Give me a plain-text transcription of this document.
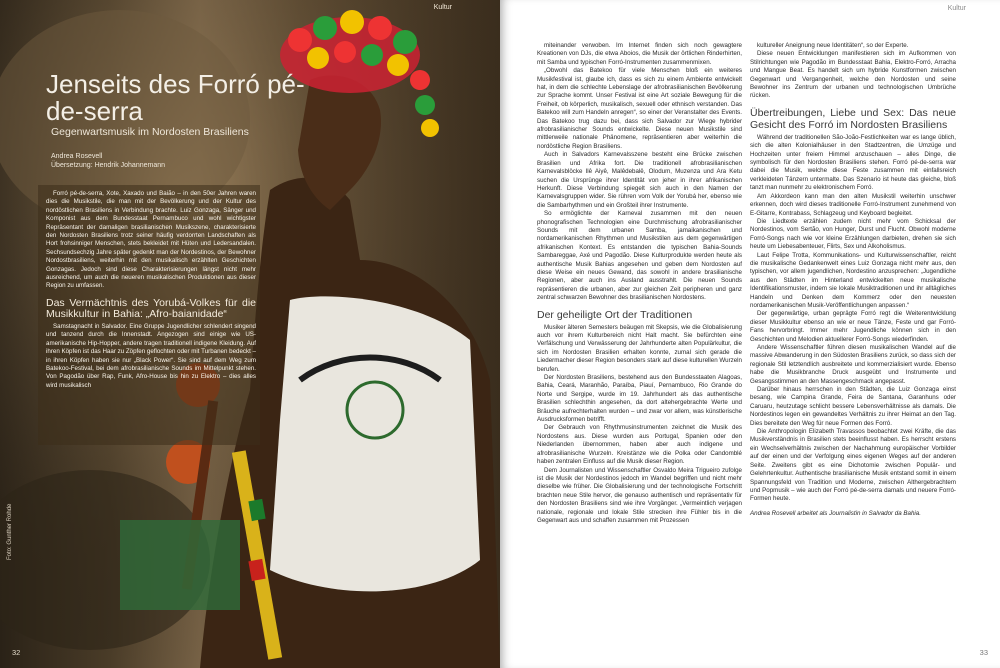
Kultur
Jenseits des Forró pé-de-serra
Gegenwartsmusik im Nordosten Brasiliens
Andrea Rosevell
Übersetzung: Hendrik Johannemann

Forró pé-de-serra, Xote, Xaxado und Baião – in den 50er Jahren waren dies die Musikstile, die man mit der Bevölkerung und der Kultur des nordöstlichen Brasiliens in Verbindung brachte. Luiz Gonzaga, Sänger und Komponist aus dem Bundesstaat Pernambuco und wohl wichtigster Repräsentant der damaligen brasilianischen Musikszene, charakterisierte den Nordosten Brasiliens trotz seiner häufig verdorrten Landschaften als Hort frohsinniger Menschen, stets bekleidet mit Hüten und Ledersandalen. Sechsundsechzig Jahre später gedenkt man der Nordestinos, der Bewohner Nordostbrasiliens, weiterhin mit den musikalisch erzählten Geschichten Gonzagas. Jedoch sind diese Charakterisierungen längst nicht mehr ausreichend, um auch die neueren musikalischen Produktionen aus dieser Region zu umfassen.

Das Vermächtnis des Yorubá-Volkes für die Musikkultur in Bahia: „Afro-baianidade“

Samstagnacht in Salvador. Eine Gruppe Jugendlicher schlendert singend und tanzend durch die Innenstadt. Angezogen sind einige wie US-amerikanische Hip-Hopper, andere tragen traditionell indigene Kleidung. Auf ihren Köpfen ist das Haar zu Zöpfen geflochten oder mit Turbanen bedeckt – in ihren Köpfen haben sie nur „Black Power“. Sie sind auf dem Weg zum Batekoo-Festival, bei dem afrobrasilianische Sounds im Mittelpunkt stehen. Von Pagodão über Rap, Funk, Afro-House bis hin zu Elektro – dies alles wird musikalisch

Foto: Gunther Rohde
32
Kultur

miteinander verwoben. Im Internet finden sich noch gewagtere Kreationen von DJs, die etwa Aboios, die Musik der örtlichen Rinderhirten, mit Samba und typischen Forró-Instrumenten zusammenmixen.

„Obwohl das Batekoo für viele Menschen bloß ein weiteres Musikfestival ist, glaube ich, dass es sich zu einem Ambiente entwickelt hat, in dem die schlechte Lebenslage der afrobrasilianischen Bevölkerung zur Sprache kommt. Unser Festival ist eine Art soziale Bewegung für die Freiheit, ob körperlich, musikalisch, sexuell oder ethnisch verstanden. Das Batekoo will zum Handeln anregen“, so einer der Veranstalter des Events. Das Batekoo trug dazu bei, dass sich Salvador zur Wiege hybrider afrobrasilianischer Sounds entwickelte. Diese neuen Musikstile sind mittlerweile nationale Phänomene, repräsentieren aber weiterhin die nordöstliche Region Brasiliens.

Auch in Salvadors Karnevalsszene besteht eine Brücke zwischen Brasilien und Afrika fort. Die traditionell afrobrasilianischen Karnevalsblöcke Ilê Aiyê, Malêdebalê, Olodum, Muzenza und Ara Ketu suchen die Ursprünge ihrer Identität von jeher in ihrer afrikanischen Herkunft. Diese Verbindung spiegelt sich auch in den Namen der Karnevalsgruppen wider. Sie rühren vom Volk der Yorubá her, ebenso wie die Sambarhythmen und ein Großteil ihrer Instrumente.

So ermöglichte der Karneval zusammen mit den neuen phonografischen Technologien eine Durchmischung afrobrasilianischer Sounds mit dem urbanen Samba, jamaikanischen und nordamerikanischen Rhythmen und Musikstilen aus dem gegenwärtigen afrikanischen Kontext. Es entstanden die typischen Bahia-Sounds Sambareggae, Axé und Pagodão. Diese Kulturprodukte werden heute als authentische Musik Bahias angesehen und geben dem Nordosten auf diese Weise ein neues Gewand, das sowohl in andere brasilianische Regionen, aber auch ins Ausland ausstrahlt. Die neuen Sounds repräsentieren die urbanen, aber zur gleichen Zeit peripheren und ganz zentral schwarzen Bewohner des brasilianischen Nordostens.

Der geheiligte Ort der Traditionen

Musiker älteren Semesters beäugen mit Skepsis, wie die Globalisierung auch vor ihrem Kulturbereich nicht Halt macht. Sie befürchten eine Verfälschung und Verwässerung der Jahrhunderte alten Populärkultur, die sich im Nordosten Brasilien erhalten konnte, zumal sich gerade die Liedermacher dieser Region besonders stark auf diese kulturellen Wurzeln berufen.

Der Nordosten Brasiliens, bestehend aus den Bundesstaaten Alagoas, Bahia, Ceará, Maranhão, Paraíba, Piauí, Pernambuco, Rio Grande do Norte und Sergipe, wurde im 19. Jahrhundert als das authentische Brasilien schlechthin angesehen, da dort altehergebrachte Werte und Bräuche aufrechterhalten wurden – und zwar vor allem, was künstlerische Ausdrucksformen betrifft.

Der Gebrauch von Rhythmusinstrumenten zeichnet die Musik des Nordostens aus. Diese wurden aus Portugal, Spanien oder den Niederlanden übernommen, haben aber auch indigene und afrobrasilianische Wurzeln. Kreistänze wie die Polka oder Candomblé haben zentralen Einfluss auf die Musik dieser Region.

Dem Journalisten und Wissenschaftler Osvaldo Meira Trigueiro zufolge ist die Musik der Nordestinos jedoch im Wandel begriffen und nicht mehr dieselbe wie früher. Die Globalisierung und der technologische Fortschritt brachten neue Stile hervor, die genauso authentisch und repräsentativ für den Nordosten Brasiliens sind wie ihre Vorgänger. „Vermeintlich verjagen nationale, regionale und lokale Stile strecken ihre Fühler bis in die Gegenwart aus und schaffen zusammen mit Prozessen

kultureller Aneignung neue Identitäten“, so der Experte.

Diese neuen Entwicklungen manifestieren sich im Aufkommen von Stilrichtungen wie Pagodão im Bundesstaat Bahia, Elektro-Forró, Arracha und Mangue Beat. Es handelt sich um hybride Kunstformen zwischen Gegenwart und Vergangenheit, welche den Nordosten und seine Bewohner ins Zentrum der urbanen und technologischen Umbrüche rücken.

Übertreibungen, Liebe und Sex: Das neue Gesicht des Forró im Nordosten Brasiliens

Während der traditionellen São-João-Festlichkeiten war es lange üblich, sich die alten Kolonialhäuser in den Stadtzentren, die Umzüge und Hochzeiten unter freiem Himmel anzuschauen – alles Dinge, die symbolisch für den Nordosten Brasiliens stehen. Forró pé-de-serra war dabei die Musik, welche diese Feste zusammen mit einfallsreich verkleideten Tänzern untermalte. Das Szenario ist heute das gleiche, bloß tanzt man nunmehr zu elektronischem Forró.

Am Akkordeon kann man den alten Musikstil weiterhin unschwer erkennen, doch wird dieses traditionelle Forró-Instrument zunehmend von E-Gitarre, Kontrabass, Schlagzeug und Keyboard begleitet.

Die Liedtexte erzählen zudem nicht mehr vom Schicksal der Nordestinos, vom Sertão, von Hunger, Durst und Flucht. Obwohl moderne Forró-Songs nach wie vor kleine Erzählungen darbieten, drehen sie sich heute um Liebesabenteuer, Flirts, Sex und Alkoholismus.

Laut Felipe Trotta, Kommunikations- und Kulturwissenschaftler, reicht die musikalische Gedankenwelt eines Luiz Gonzaga nicht mehr aus, den typischen, vor allem jugendlichen, Nordestino anzusprechen: „Jugendliche aus den Städten im Hinterland entwickelten neue musikalische Identifikationsmuster, indem sie lokale Musiktraditionen und ihr alltägliches Handeln und Denken dem Kommerz oder den neuesten nordamerikanischen Musik-Veröffentlichungen anpassen.“

Der gegenwärtige, urban geprägte Forró regt die Weiterentwicklung dieser Musikkultur ebenso an wie er neue Tänze, Feste und gar Forró-Fans hervorbringt. Immer mehr Jugendliche können sich in den Geschichten und Melodien aktuellerer Forró-Songs wiederfinden.

Andere Wissenschaftler führen diesen musikalischen Wandel auf die massive Abwanderung in den Südosten Brasiliens zurück, so dass sich der regionale Stil letztendlich ausbreitete und kommerzialisiert wurde. Ebenso habe die Musikbranche Druck ausgeübt und Instrumente und Gesangsstimmen an den Massengeschmack angepasst.

Darüber hinaus herrschen in den Städten, die Luiz Gonzaga einst besang, wie Campina Grande, Feira de Santana, Garanhuns oder Caruaru, heutzutage schlicht bessere Lebensverhältnisse als damals. Die Nordestinos legen ein gewandeltes Verhältnis zu ihrer Heimat an den Tag. Dies bereitete den Weg für neue Formen des Forró.

Die Anthropologin Elizabeth Travassos beobachtet zwei Kräfte, die das Musikverständnis in Brasilien stets beeinflusst haben. Es herrscht erstens ein Wechselverhältnis zwischen der Nachahmung europäischer Vorbilder auf der einen und der Verfolgung eines eigenen Weges auf der anderen Seite. Zweitens gibt es eine Dichotomie zwischen Populär- und Gelehrtenkultur. Authentische brasilianische Musik entstand somit in einem Spannungsfeld von Tradition und Moderne, zwischen Althergebrachtem und Popmusik – wie auch der Forró pé-de-serra damals und neuere Forró-Formen heute.

Andrea Rosevell arbeitet als Journalistin in Salvador da Bahia.

33
